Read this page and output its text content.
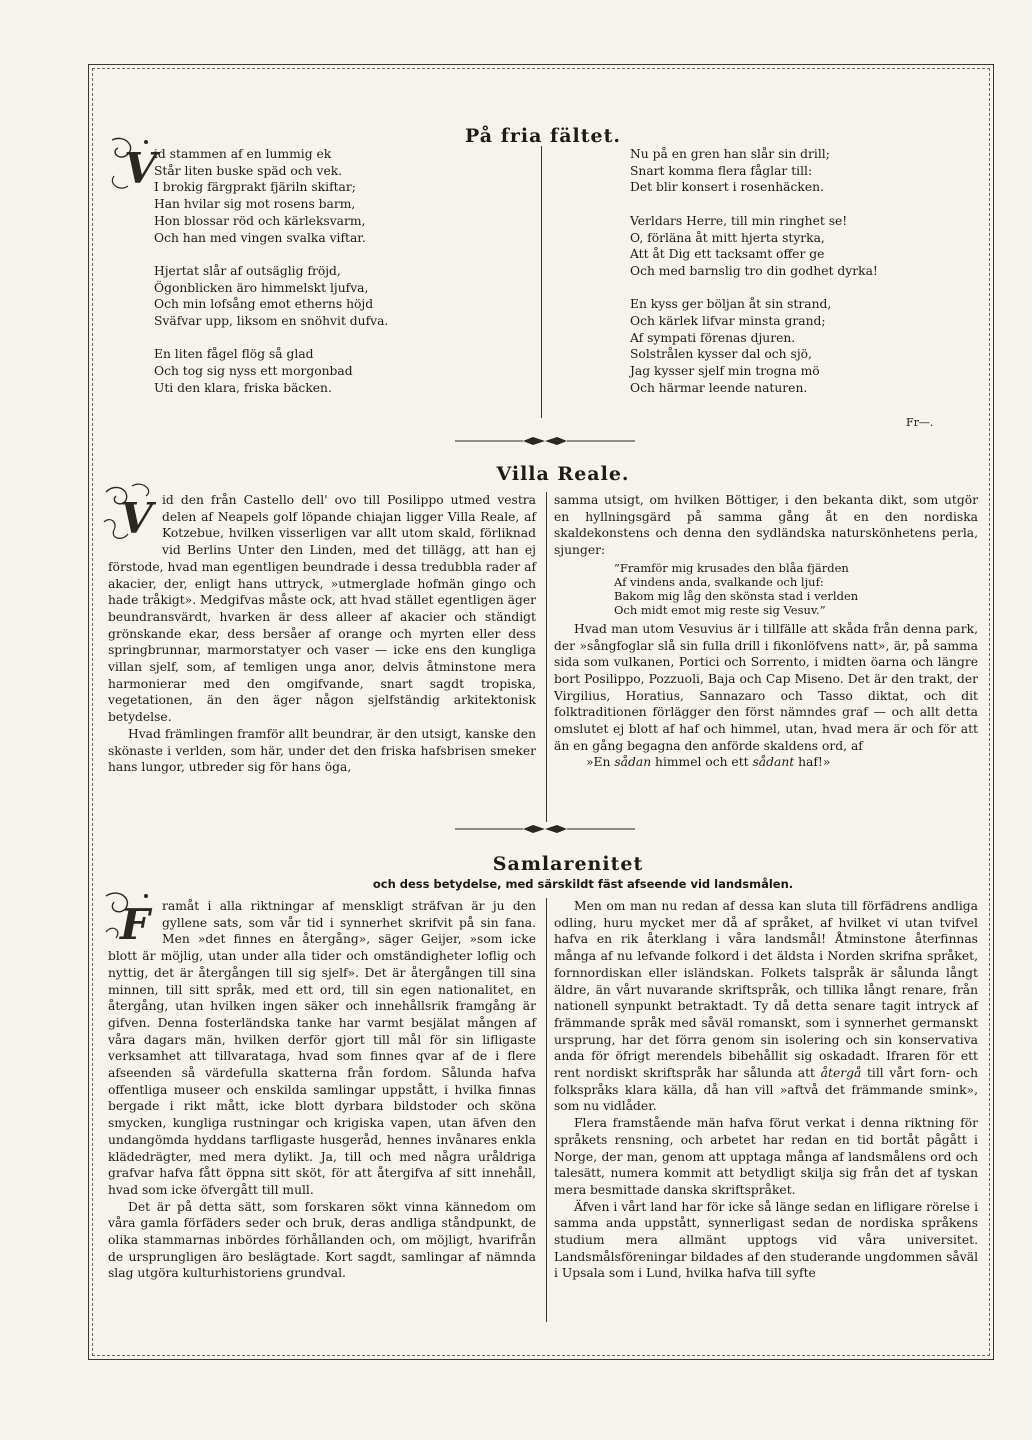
På fria fältet.
V
id stammen af en lummig ek
Står liten buske späd och vek.
I brokig färgprakt fjäriln skiftar;
Han hvilar sig mot rosens barm,
Hon blossar röd och kärleksvarm,
Och han med vingen svalka viftar.

Hjertat slår af outsäglig fröjd,
Ögonblicken äro himmelskt ljufva,
Och min lofsång emot etherns höjd
Sväfvar upp, liksom en snöhvit dufva.

En liten fågel flög så glad
Och tog sig nyss ett morgonbad
Uti den klara, friska bäcken.
Nu på en gren han slår sin drill;
Snart komma flera fåglar till:
Det blir konsert i rosenhäcken.

Verldars Herre, till min ringhet se!
O, förläna åt mitt hjerta styrka,
Att åt Dig ett tacksamt offer ge
Och med barnslig tro din godhet dyrka!

En kyss ger böljan åt sin strand,
Och kärlek lifvar minsta grand;
Af sympati förenas djuren.
Solstrålen kysser dal och sjö,
Jag kysser sjelf min trogna mö
Och härmar leende naturen.
Fr—.
Villa Reale.
V id den från Castello dell' ovo till Posilippo utmed vestra delen af Neapels golf löpande chiajan ligger Villa Reale, af Kotzebue, hvilken visserligen var allt utom skald, förliknad vid Berlins Unter den Linden, med det tillägg, att han ej förstode, hvad man egentligen beundrade i dessa tredubbla rader af akacier, der, enligt hans uttryck, »utmerglade hofmän gingo och hade tråkigt». Medgifvas måste ock, att hvad stället egentligen äger beundransvärdt, hvarken är dess alleer af akacier och ständigt grönskande ekar, dess bersåer af orange och myrten eller dess springbrunnar, marmorstatyer och vaser — icke ens den kungliga villan sjelf, som, af temligen unga anor, delvis åtminstone mera harmonierar med den omgifvande, snart sagdt tropiska, vegetationen, än den äger någon sjelfständig arkitektonisk betydelse.

Hvad främlingen framför allt beundrar, är den utsigt, kanske den skönaste i verlden, som här, under det den friska hafsbrisen smeker hans lungor, utbreder sig för hans öga,

samma utsigt, om hvilken Böttiger, i den bekanta dikt, som utgör en hyllningsgärd på samma gång åt en den nordiska skaldekonstens och denna den sydländska naturskönhetens perla, sjunger:

”Framför mig krusades den blåa fjärden
Af vindens anda, svalkande och ljuf:
Bakom mig låg den skönsta stad i verlden
Och midt emot mig reste sig Vesuv.”

Hvad man utom Vesuvius är i tillfälle att skåda från denna park, der »sångfoglar slå sin fulla drill i fikonlöfvens natt», är, på samma sida som vulkanen, Portici och Sorrento, i midten öarna och längre bort Posilippo, Pozzuoli, Baja och Cap Miseno. Det är den trakt, der Virgilius, Horatius, Sannazaro och Tasso diktat, och dit folktraditionen förlägger den först nämndes graf — och allt detta omslutet ej blott af haf och himmel, utan, hvad mera är och för att än en gång begagna den anförde skaldens ord, af

»En sådan himmel och ett sådant haf!»

Samlarenitet

och dess betydelse, med särskildt fäst afseende vid landsmålen.

F ramåt i alla riktningar af menskligt sträfvan är ju den gyllene sats, som vår tid i synnerhet skrifvit på sin fana. Men »det finnes en återgång», säger Geijer, »som icke blott är möjlig, utan under alla tider och omständigheter loflig och nyttig, det är återgången till sig sjelf». Det är återgången till sina minnen, till sitt språk, med ett ord, till sin egen nationalitet, en återgång, utan hvilken ingen säker och innehållsrik framgång är gifven. Denna fosterländska tanke har varmt besjälat mången af våra dagars män, hvilken derför gjort till mål för sin lifligaste verksamhet att tillvarataga, hvad som finnes qvar af de i flere afseenden så värdefulla skatterna från fordom. Sålunda hafva offentliga museer och enskilda samlingar uppstått, i hvilka finnas bergade i rikt mått, icke blott dyrbara bildstoder och sköna smycken, kungliga rustningar och krigiska vapen, utan äfven den undangömda hyddans tarfligaste husgeråd, hennes invånares enkla klädedrägter, med mera dylikt. Ja, till och med några uråldriga grafvar hafva fått öppna sitt sköt, för att återgifva af sitt innehåll, hvad som icke öfvergått till mull.

Det är på detta sätt, som forskaren sökt vinna kännedom om våra gamla förfäders seder och bruk, deras andliga ståndpunkt, de olika stammarnas inbördes förhållanden och, om möjligt, hvarifrån de ursprungligen äro beslägtade. Kort sagdt, samlingar af nämnda slag utgöra kulturhistoriens grundval.

Men om man nu redan af dessa kan sluta till förfädrens andliga odling, huru mycket mer då af språket, af hvilket vi utan tvifvel hafva en rik återklang i våra landsmål! Åtminstone återfinnas många af nu lefvande folkord i det äldsta i Norden skrifna språket, fornnordiskan eller isländskan. Folkets talspråk är sålunda långt äldre, än vårt nuvarande skriftspråk, och tillika långt renare, från nationell synpunkt betraktadt. Ty då detta senare tagit intryck af främmande språk med såväl romanskt, som i synnerhet germanskt ursprung, har det förra genom sin isolering och sin konservativa anda för öfrigt merendels bibehållit sig oskadadt. Ifraren för ett rent nordiskt skriftspråk har sålunda att återgå till vårt forn- och folkspråks klara källa, då han vill »aftvå det främmande smink», som nu vidlåder.

Flera framstående män hafva förut verkat i denna riktning för språkets rensning, och arbetet har redan en tid bortåt pågått i Norge, der man, genom att upptaga många af landsmålens ord och talesätt, numera kommit att betydligt skilja sig från det af tyskan mera besmittade danska skriftspråket.

Äfven i vårt land har för icke så länge sedan en lifligare rörelse i samma anda uppstått, synnerligast sedan de nordiska språkens studium mera allmänt upptogs vid våra universitet. Landsmålsföreningar bildades af den studerande ungdommen såväl i Upsala som i Lund, hvilka hafva till syfte
